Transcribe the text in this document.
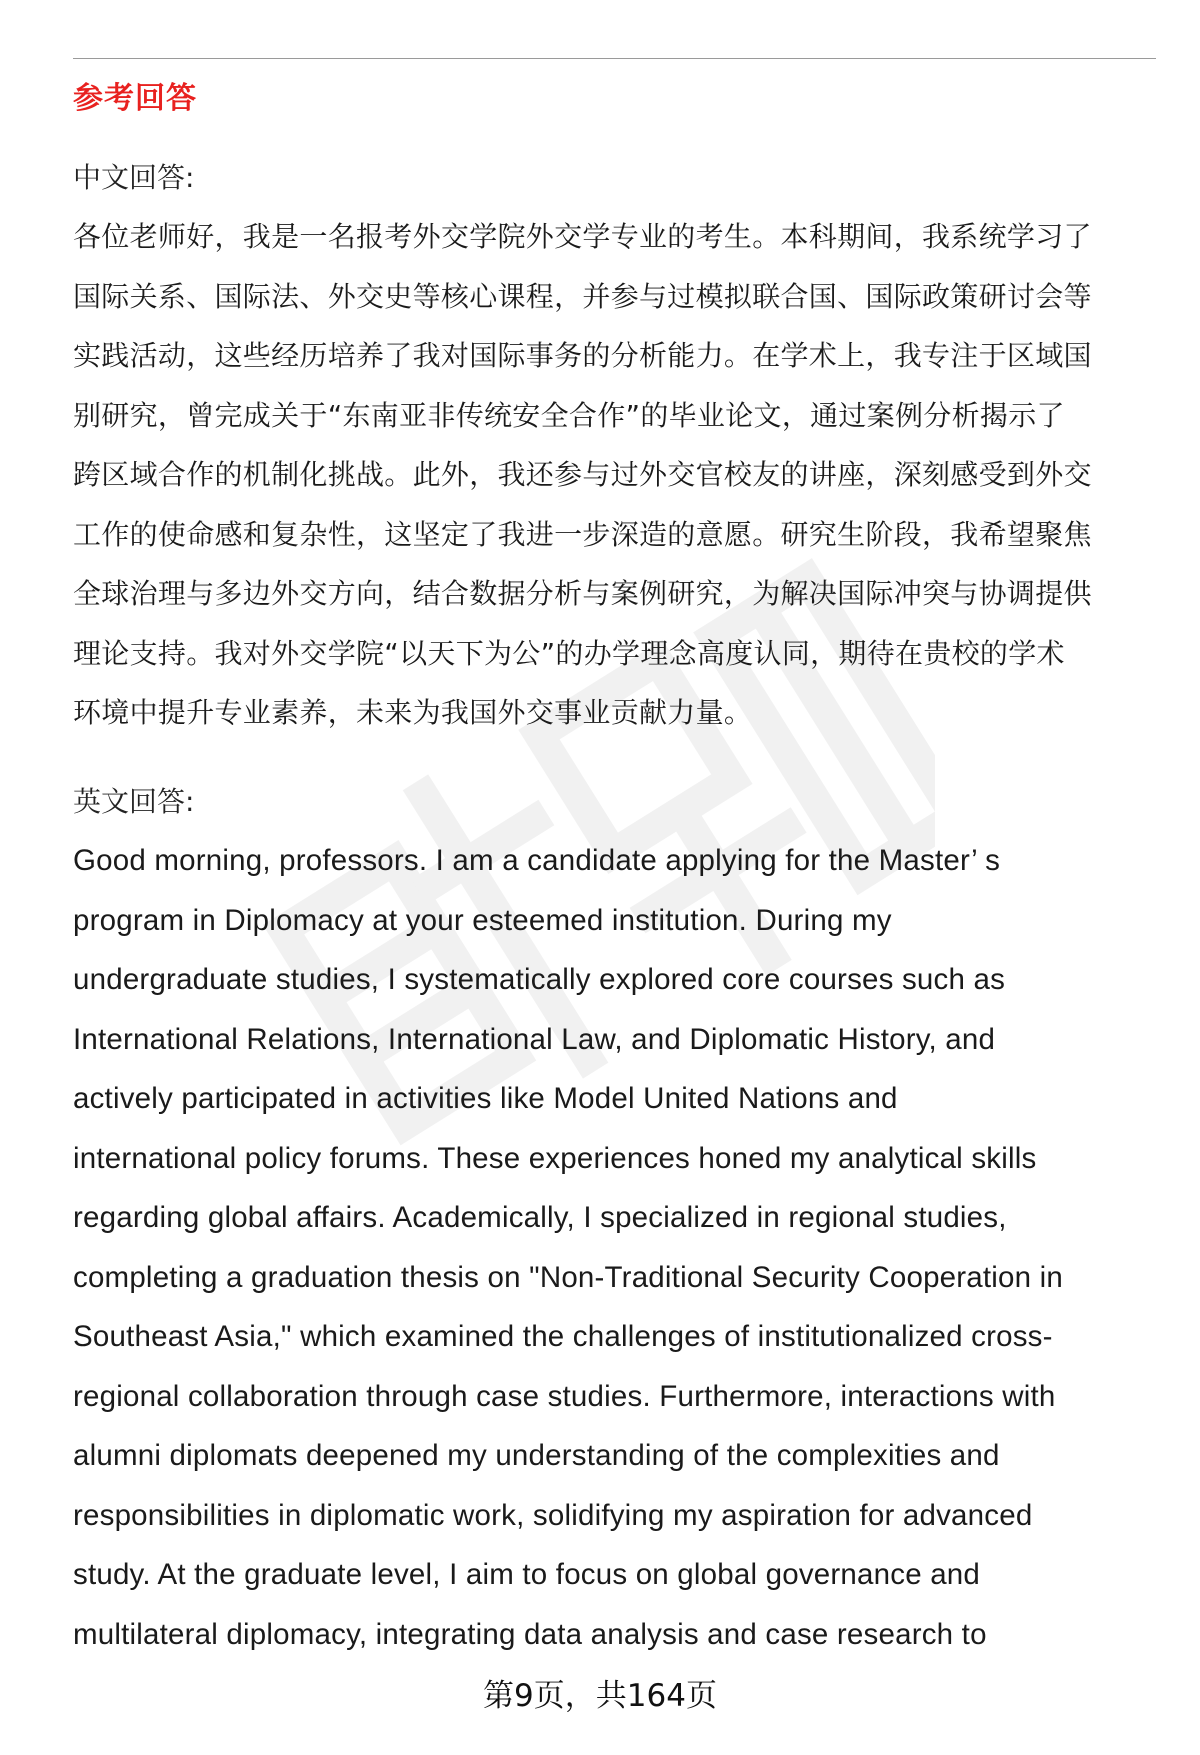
参考回答
中文回答:
各位老师好，我是一名报考外交学院外交学专业的考生。本科期间，我系统学习了
国际关系、国际法、外交史等核心课程，并参与过模拟联合国、国际政策研讨会等
实践活动，这些经历培养了我对国际事务的分析能力。在学术上，我专注于区域国
别研究，曾完成关于“东南亚非传统安全合作”的毕业论文，通过案例分析揭示了
跨区域合作的机制化挑战。此外，我还参与过外交官校友的讲座，深刻感受到外交
工作的使命感和复杂性，这坚定了我进一步深造的意愿。研究生阶段，我希望聚焦
全球治理与多边外交方向，结合数据分析与案例研究，为解决国际冲突与协调提供
理论支持。我对外交学院“以天下为公”的办学理念高度认同，期待在贵校的学术
环境中提升专业素养，未来为我国外交事业贡献力量。
英文回答:
Good morning, professors. I am a candidate applying for the Master’ s
program in Diplomacy at your esteemed institution. During my
undergraduate studies, I systematically explored core courses such as
International Relations, International Law, and Diplomatic History, and
actively participated in activities like Model United Nations and
international policy forums. These experiences honed my analytical skills
regarding global affairs. Academically, I specialized in regional studies,
completing a graduation thesis on "Non-Traditional Security Cooperation in
Southeast Asia," which examined the challenges of institutionalized cross-
regional collaboration through case studies. Furthermore, interactions with
alumni diplomats deepened my understanding of the complexities and
responsibilities in diplomatic work, solidifying my aspiration for advanced
study. At the graduate level, I aim to focus on global governance and
multilateral diplomacy, integrating data analysis and case research to
第9页，共164页
